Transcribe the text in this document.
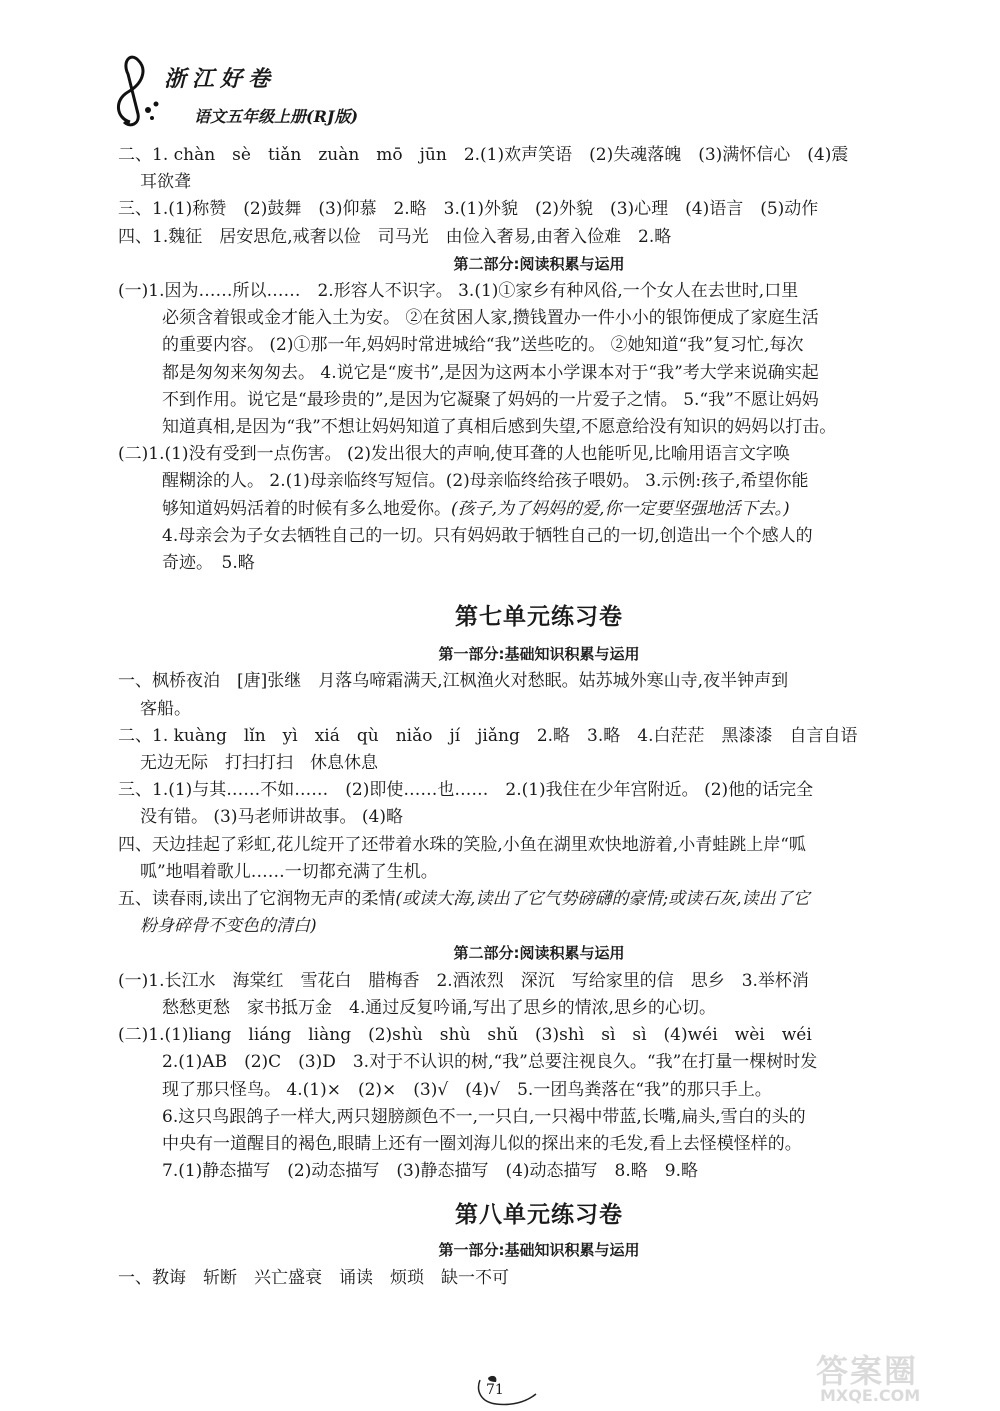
浙江好卷
语文五年级上册(RJ版)
二、1. chàn　sè　tiǎn　zuàn　mō　jūn　2.(1)欢声笑语　(2)失魂落魄　(3)满怀信心　(4)震
耳欲聋
三、1.(1)称赞　(2)鼓舞　(3)仰慕　2.略　3.(1)外貌　(2)外貌　(3)心理　(4)语言　(5)动作
四、1.魏征　居安思危,戒奢以俭　司马光　由俭入奢易,由奢入俭难　2.略
第二部分:阅读积累与运用
(一)1.因为……所以……　2.形容人不识字。 3.(1)①家乡有种风俗,一个女人在去世时,口里
必须含着银或金才能入土为安。 ②在贫困人家,攒钱置办一件小小的银饰便成了家庭生活
的重要内容。 (2)①那一年,妈妈时常进城给“我”送些吃的。 ②她知道“我”复习忙,每次
都是匆匆来匆匆去。 4.说它是“废书”,是因为这两本小学课本对于“我”考大学来说确实起
不到作用。说它是“最珍贵的”,是因为它凝聚了妈妈的一片爱子之情。 5.“我”不愿让妈妈
知道真相,是因为“我”不想让妈妈知道了真相后感到失望,不愿意给没有知识的妈妈以打击。
(二)1.(1)没有受到一点伤害。 (2)发出很大的声响,使耳聋的人也能听见,比喻用语言文字唤
醒糊涂的人。 2.(1)母亲临终写短信。(2)母亲临终给孩子喂奶。 3.示例:孩子,希望你能
够知道妈妈活着的时候有多么地爱你。(孩子,为了妈妈的爱,你一定要坚强地活下去。)
4.母亲会为子女去牺牲自己的一切。只有妈妈敢于牺牲自己的一切,创造出一个个感人的
奇迹。　5.略
第七单元练习卷
第一部分:基础知识积累与运用
一、枫桥夜泊　[唐]张继　月落乌啼霜满天,江枫渔火对愁眠。姑苏城外寒山寺,夜半钟声到
客船。
二、1. kuàng　lǐn　yì　xiá　qù　niǎo　jí　jiǎng　2.略　3.略　4.白茫茫　黑漆漆　自言自语
无边无际　打扫打扫　休息休息
三、1.(1)与其……不如……　(2)即使……也……　2.(1)我住在少年宫附近。 (2)他的话完全
没有错。 (3)马老师讲故事。 (4)略
四、天边挂起了彩虹,花儿绽开了还带着水珠的笑脸,小鱼在湖里欢快地游着,小青蛙跳上岸“呱
呱”地唱着歌儿……一切都充满了生机。
五、读春雨,读出了它润物无声的柔情(或读大海,读出了它气势磅礴的豪情;或读石灰,读出了它
粉身碎骨不变色的清白)
第二部分:阅读积累与运用
(一)1.长江水　海棠红　雪花白　腊梅香　2.酒浓烈　深沉　写给家里的信　思乡　3.举杯消
愁愁更愁　家书抵万金　4.通过反复吟诵,写出了思乡的情浓,思乡的心切。
(二)1.(1)liang　liáng　liàng　(2)shù　shù　shǔ　(3)shì　sì　sì　(4)wéi　wèi　wéi
2.(1)AB　(2)C　(3)D　3.对于不认识的树,“我”总要注视良久。“我”在打量一棵树时发
现了那只怪鸟。 4.(1)×　(2)×　(3)√　(4)√　5.一团鸟粪落在“我”的那只手上。
6.这只鸟跟鸽子一样大,两只翅膀颜色不一,一只白,一只褐中带蓝,长嘴,扁头,雪白的头的
中央有一道醒目的褐色,眼睛上还有一圈刘海儿似的探出来的毛发,看上去怪模怪样的。
7.(1)静态描写　(2)动态描写　(3)静态描写　(4)动态描写　8.略　9.略
第八单元练习卷
第一部分:基础知识积累与运用
一、教诲　斩断　兴亡盛衰　诵读　烦琐　缺一不可
71	答案圈
MXQE.COM
